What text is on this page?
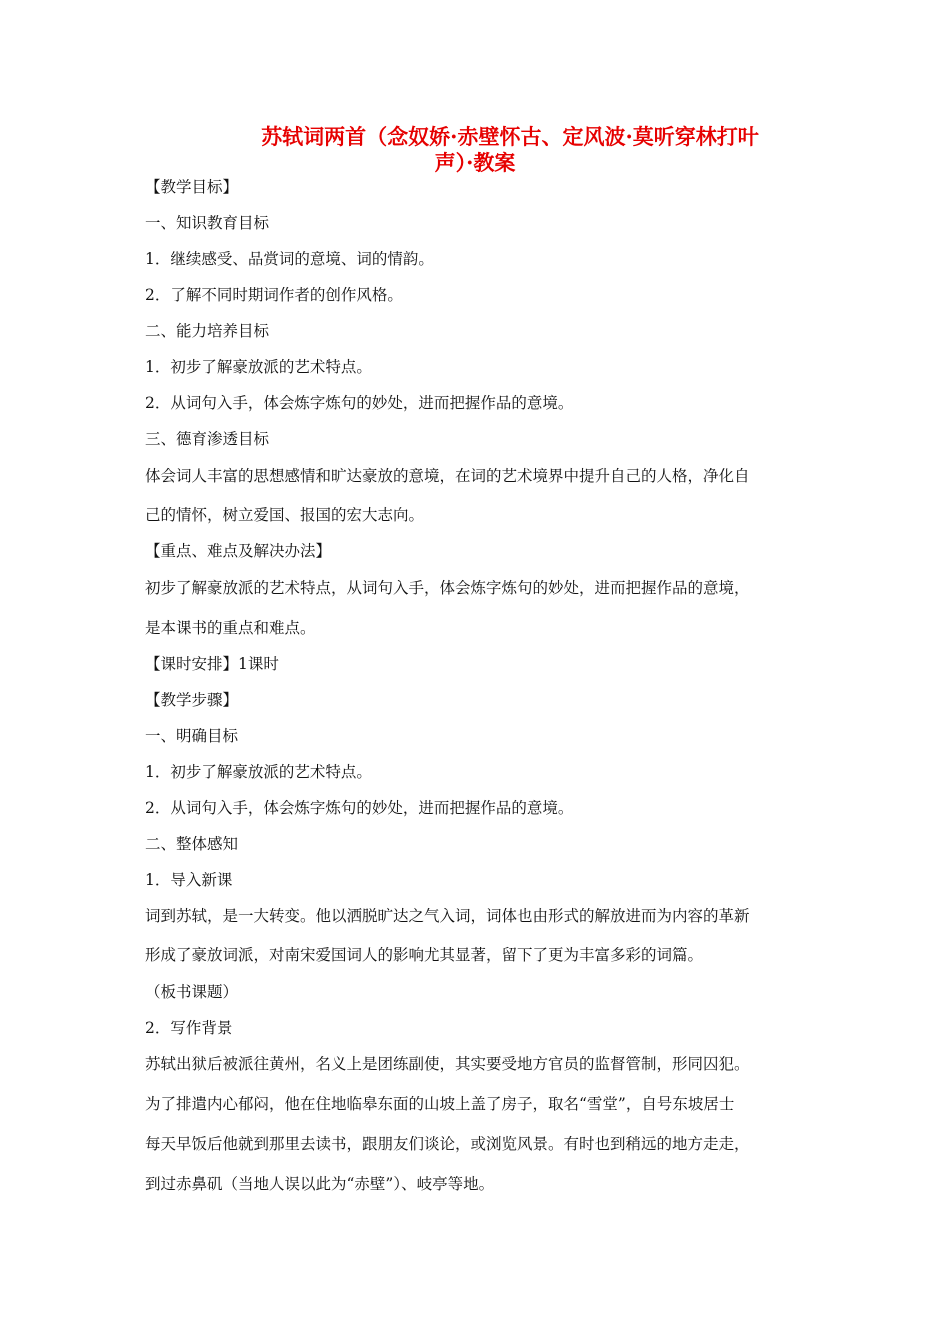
苏轼词两首（念奴娇·赤壁怀古、定风波·莫听穿林打叶
声）·教案
【教学目标】
一、知识教育目标
1．继续感受、品赏词的意境、词的情韵。
2．了解不同时期词作者的创作风格。
二、能力培养目标
1．初步了解豪放派的艺术特点。
2．从词句入手，体会炼字炼句的妙处，进而把握作品的意境。
三、德育渗透目标
体会词人丰富的思想感情和旷达豪放的意境，在词的艺术境界中提升自己的人格，净化自
己的情怀，树立爱国、报国的宏大志向。
【重点、难点及解决办法】
初步了解豪放派的艺术特点，从词句入手，体会炼字炼句的妙处，进而把握作品的意境，
是本课书的重点和难点。
【课时安排】1课时
【教学步骤】
一、明确目标
1．初步了解豪放派的艺术特点。
2．从词句入手，体会炼字炼句的妙处，进而把握作品的意境。
二、整体感知
1．导入新课
词到苏轼，是一大转变。他以洒脱旷达之气入词，词体也由形式的解放进而为内容的革新
形成了豪放词派，对南宋爱国词人的影响尤其显著，留下了更为丰富多彩的词篇。
（板书课题）
2．写作背景
苏轼出狱后被派往黄州，名义上是团练副使，其实要受地方官员的监督管制，形同囚犯。
为了排遣内心郁闷，他在住地临皋东面的山坡上盖了房子，取名“雪堂”，自号东坡居士
每天早饭后他就到那里去读书，跟朋友们谈论，或浏览风景。有时也到稍远的地方走走，
到过赤鼻矶（当地人误以此为“赤壁”）、岐亭等地。
